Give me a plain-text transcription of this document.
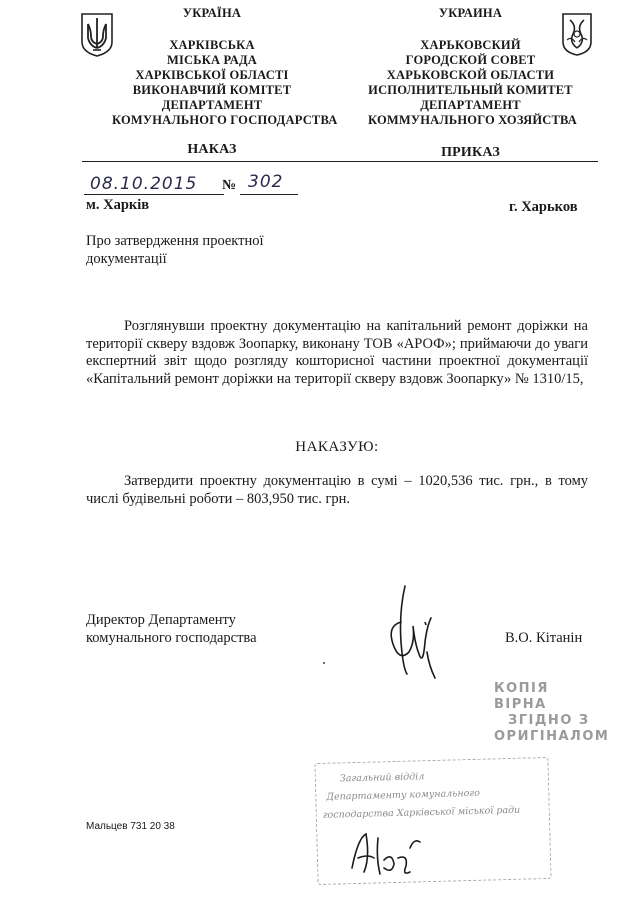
УКРАЇНА
ХАРКІВСЬКА
МІСЬКА РАДА
ХАРКІВСЬКОЇ ОБЛАСТІ
ВИКОНАВЧИЙ КОМІТЕТ
ДЕПАРТАМЕНТ
КОМУНАЛЬНОГО ГОСПОДАРСТВА
НАКАЗ
УКРАИНА
ХАРЬКОВСКИЙ
ГОРОДСКОЙ СОВЕТ
ХАРЬКОВСКОЙ ОБЛАСТИ
ИСПОЛНИТЕЛЬНЫЙ КОМИТЕТ
ДЕПАРТАМЕНТ
КОММУНАЛЬНОГО ХОЗЯЙСТВА
ПРИКАЗ
08.10.2015 № 302
м. Харків	г. Харьков
Про затвердження проектної
документації
Розглянувши проектну документацію на капітальний ремонт доріжки на території скверу вздовж Зоопарку, виконану ТОВ «АРОФ»; приймаючи до уваги експертний звіт щодо розгляду кошторисної частини проектної документації «Капітальний ремонт доріжки на території скверу вздовж Зоопарку» № 1310/15,
НАКАЗУЮ:
Затвердити проектну документацію в сумі – 1020,536 тис. грн., в тому числі будівельні роботи – 803,950 тис. грн.
Директор Департаменту
комунального господарства	В.О. Кітанін
КОПІЯ ВІРНА
ЗГІДНО З
ОРИГІНАЛОМ
Загальний відділ
Департаменту комунального
господарства Харківської міської ради
Мальцев 731 20 38
